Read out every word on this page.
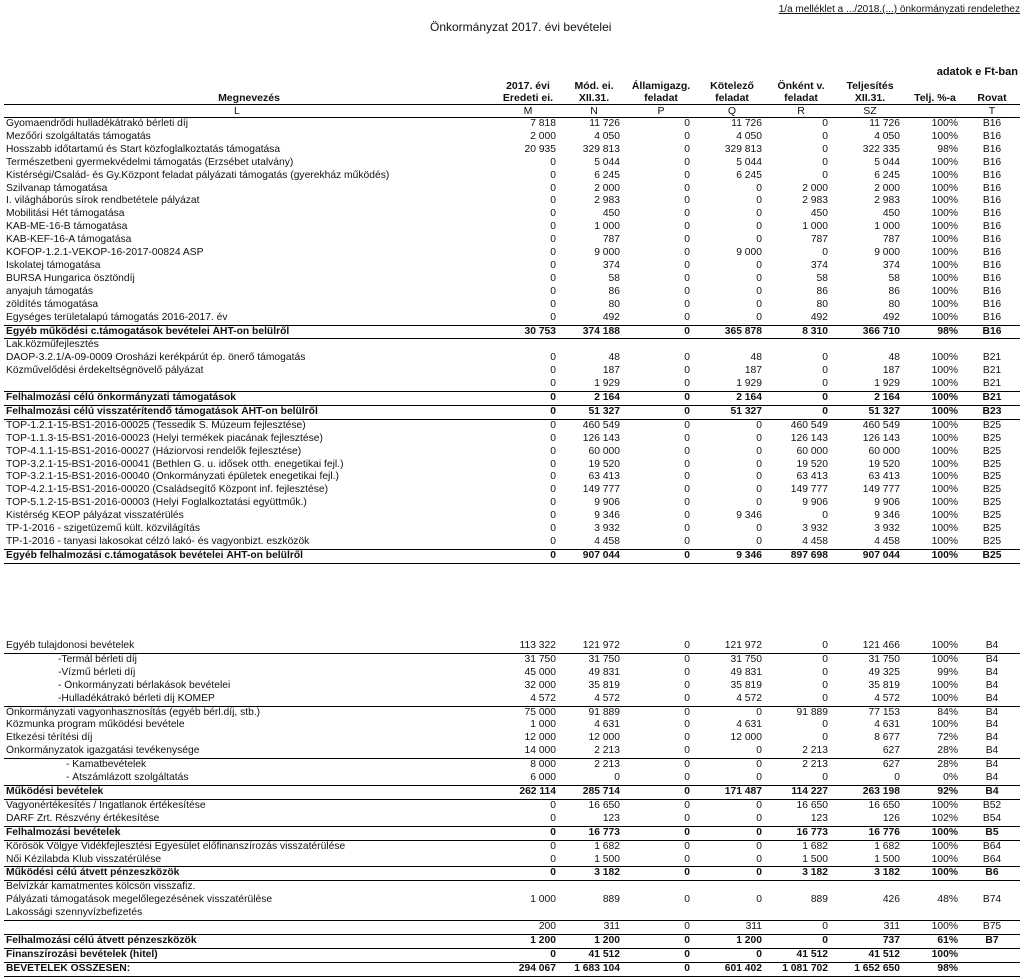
1/a melléklet a .../2018.(...) önkormányzati rendelethez
Önkormányzat 2017. évi bevételei
adatok e Ft-ban
	2017. évi	Mód. ei.	Államigazg.	Kötelező	Önként v.	Teljesítés		
Megnevezés	Eredeti ei.	XII.31.	feladat	feladat	feladat	XII.31.	Telj. %-a	Rovat
L	M	N	P	Q	R	SZ		T
Gyomaendrődi hulladékátrakó bérleti díj	7 818	11 726	0	11 726	0	11 726	100%	B16
Mezőőri szolgáltatás támogatás	2 000	4 050	0	4 050	0	4 050	100%	B16
Hosszabb időtartamú és Start közfoglalkoztatás támogatása	20 935	329 813	0	329 813	0	322 335	98%	B16
Természetbeni gyermekvédelmi támogatás (Erzsébet utalvány)	0	5 044	0	5 044	0	5 044	100%	B16
Kistérségi/Család- és Gy.Központ feladat pályázati támogatás (gyerekház működés)	0	6 245	0	6 245	0	6 245	100%	B16
Szilvanap támogatása	0	2 000	0	0	2 000	2 000	100%	B16
I. világháborús sírok rendbetétele pályázat	0	2 983	0	0	2 983	2 983	100%	B16
Mobilitási Hét támogatása	0	450	0	0	450	450	100%	B16
KAB-ME-16-B támogatása	0	1 000	0	0	1 000	1 000	100%	B16
KAB-KEF-16-A támogatása	0	787	0	0	787	787	100%	B16
KÖFOP-1.2.1-VEKOP-16-2017-00824 ASP	0	9 000	0	9 000	0	9 000	100%	B16
Iskolatej támogatása	0	374	0	0	374	374	100%	B16
BURSA Hungarica ösztöndíj	0	58	0	0	58	58	100%	B16
anyajuh támogatás	0	86	0	0	86	86	100%	B16
zöldítés támogatása	0	80	0	0	80	80	100%	B16
Egységes területalapú támogatás 2016-2017. év	0	492	0	0	492	492	100%	B16
Egyéb működési c.támogatások bevételei ÁHT-on belülről	30 753	374 188	0	365 878	8 310	366 710	98%	B16
Lak.közműfejlesztés								
DAOP-3.2.1/A-09-0009 Orosházi kerékpárút ép. önerő támogatás	0	48	0	48	0	48	100%	B21
Közművelődési érdekeltségnövelő pályázat	0	187	0	187	0	187	100%	B21
	0	1 929	0	1 929	0	1 929	100%	B21
Felhalmozási célú önkormányzati támogatások	0	2 164	0	2 164	0	2 164	100%	B21
Felhalmozási célú visszatérítendő támogatások ÁHT-on belülről	0	51 327	0	51 327	0	51 327	100%	B23
TOP-1.2.1-15-BS1-2016-00025 (Tessedik S. Múzeum fejlesztése)	0	460 549	0	0	460 549	460 549	100%	B25
TOP-1.1.3-15-BS1-2016-00023 (Helyi termékek piacának fejlesztése)	0	126 143	0	0	126 143	126 143	100%	B25
TOP-4.1.1-15-BS1-2016-00027 (Háziorvosi rendelők fejlesztése)	0	60 000	0	0	60 000	60 000	100%	B25
TOP-3.2.1-15-BS1-2016-00041 (Bethlen G. u. idősek otth. enegetikai fejl.)	0	19 520	0	0	19 520	19 520	100%	B25
TOP-3.2.1-15-BS1-2016-00040 (Önkormányzati épületek enegetikai fejl.)	0	63 413	0	0	63 413	63 413	100%	B25
TOP-4.2.1-15-BS1-2016-00020 (Családsegítő Központ inf. fejlesztése)	0	149 777	0	0	149 777	149 777	100%	B25
TOP-5.1.2-15-BS1-2016-00003 (Helyi Foglalkoztatási együttműk.)	0	9 906	0	0	9 906	9 906	100%	B25
Kistérség KEOP pályázat visszatérülés	0	9 346	0	9 346	0	9 346	100%	B25
TP-1-2016 - szigetüzemű kült. közvilágítás	0	3 932	0	0	3 932	3 932	100%	B25
TP-1-2016 - tanyasi lakosokat célzó lakó- és vagyonbizt. eszközök	0	4 458	0	0	4 458	4 458	100%	B25
Egyéb felhalmozási c.támogatások bevételei ÁHT-on belülről	0	907 044	0	9 346	897 698	907 044	100%	B25
Egyéb tulajdonosi bevételek	113 322	121 972	0	121 972	0	121 466	100%	B4
-Termál bérleti díj	31 750	31 750	0	31 750	0	31 750	100%	B4
-Vízmű bérleti díj	45 000	49 831	0	49 831	0	49 325	99%	B4
- Önkormányzati bérlakások bevételei	32 000	35 819	0	35 819	0	35 819	100%	B4
-Hulladékátrakó bérleti díj KOMÉP	4 572	4 572	0	4 572	0	4 572	100%	B4
Önkormányzati vagyonhasznosítás (egyéb bérl.díj, stb.)	75 000	91 889	0	0	91 889	77 153	84%	B4
Közmunka program működési bevétele	1 000	4 631	0	4 631	0	4 631	100%	B4
Étkezési térítési díj	12 000	12 000	0	12 000	0	8 677	72%	B4
Önkormányzatok igazgatási tevékenysége	14 000	2 213	0	0	2 213	627	28%	B4
- Kamatbevételek	8 000	2 213	0	0	2 213	627	28%	B4
- Átszámlázott szolgáltatás	6 000	0	0	0	0	0	0%	B4
Működési bevételek	262 114	285 714	0	171 487	114 227	263 198	92%	B4
Vagyonértékesítés / Ingatlanok értékesítése	0	16 650	0	0	16 650	16 650	100%	B52
DARF Zrt. Részvény értékesítése	0	123	0	0	123	126	102%	B54
Felhalmozási bevételek	0	16 773	0	0	16 773	16 776	100%	B5
Körösök Völgye Vidékfejlesztési Egyesület előfinanszírozás visszatérülése	0	1 682	0	0	1 682	1 682	100%	B64
Női Kézilabda Klub visszatérülése	0	1 500	0	0	1 500	1 500	100%	B64
Működési célú átvett pénzeszközök	0	3 182	0	0	3 182	3 182	100%	B6
Belvízkár kamatmentes kölcsön visszafiz.								
Pályázati támogatások megelőlegezésének visszatérülése	1 000	889	0	0	889	426	48%	B74
Lakossági szennyvízbefizetés								
	200	311	0	311	0	311	100%	B75
Felhalmozási célú átvett pénzeszközök	1 200	1 200	0	1 200	0	737	61%	B7
Finanszírozási bevételek (hitel)	0	41 512	0	0	41 512	41 512	100%	
BEVÉTELEK ÖSSZESEN:	294 067	1 683 104	0	601 402	1 081 702	1 652 650	98%	
